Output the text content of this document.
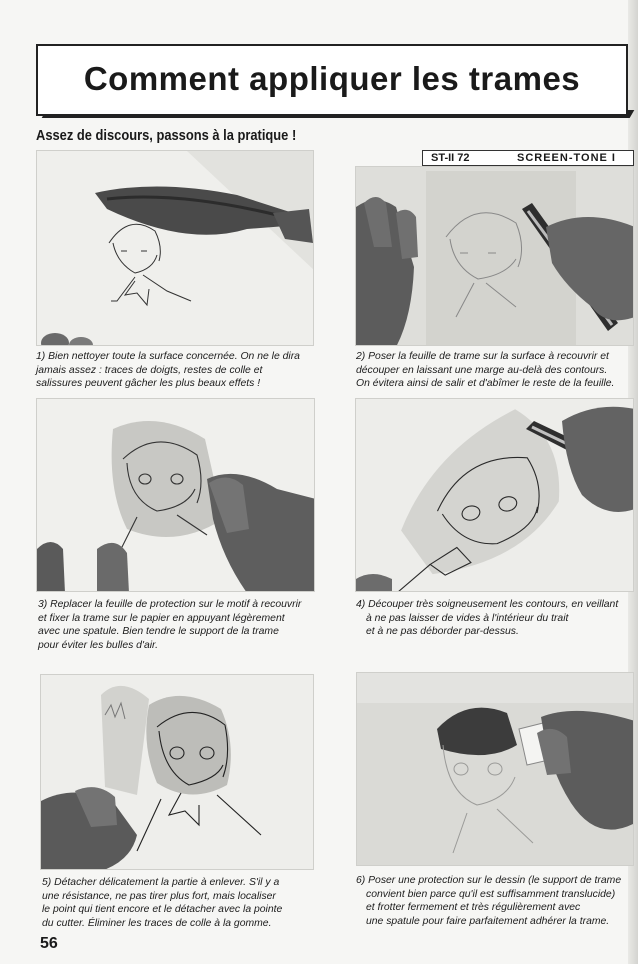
Comment appliquer les trames
Assez de discours, passons à la pratique !
1) Bien nettoyer toute la surface concernée. On ne le dira
jamais assez : traces de doigts, restes de colle et
salissures peuvent gâcher les plus beaux effets !
ST-II 72	SCREEN-TONE I
2) Poser la feuille de trame sur la surface à recouvrir et
découper en laissant une marge au-delà des contours.
On évitera ainsi de salir et d'abîmer le reste de la feuille.
3) Replacer la feuille de protection sur le motif à recouvrir
et fixer la trame sur le papier en appuyant légèrement
avec une spatule. Bien tendre le support de la trame
pour éviter les bulles d'air.
4) Découper très soigneusement les contours, en veillant
à ne pas laisser de vides à l'intérieur du trait
et à ne pas déborder par-dessus.
5) Détacher délicatement la partie à enlever. S'il y a
une résistance, ne pas tirer plus fort, mais localiser
le point qui tient encore et le détacher avec la pointe
du cutter. Éliminer les traces de colle à la gomme.
6) Poser une protection sur le dessin (le support de trame
convient bien parce qu'il est suffisamment translucide)
et frotter fermement et très régulièrement avec
une spatule pour faire parfaitement adhérer la trame.
56
